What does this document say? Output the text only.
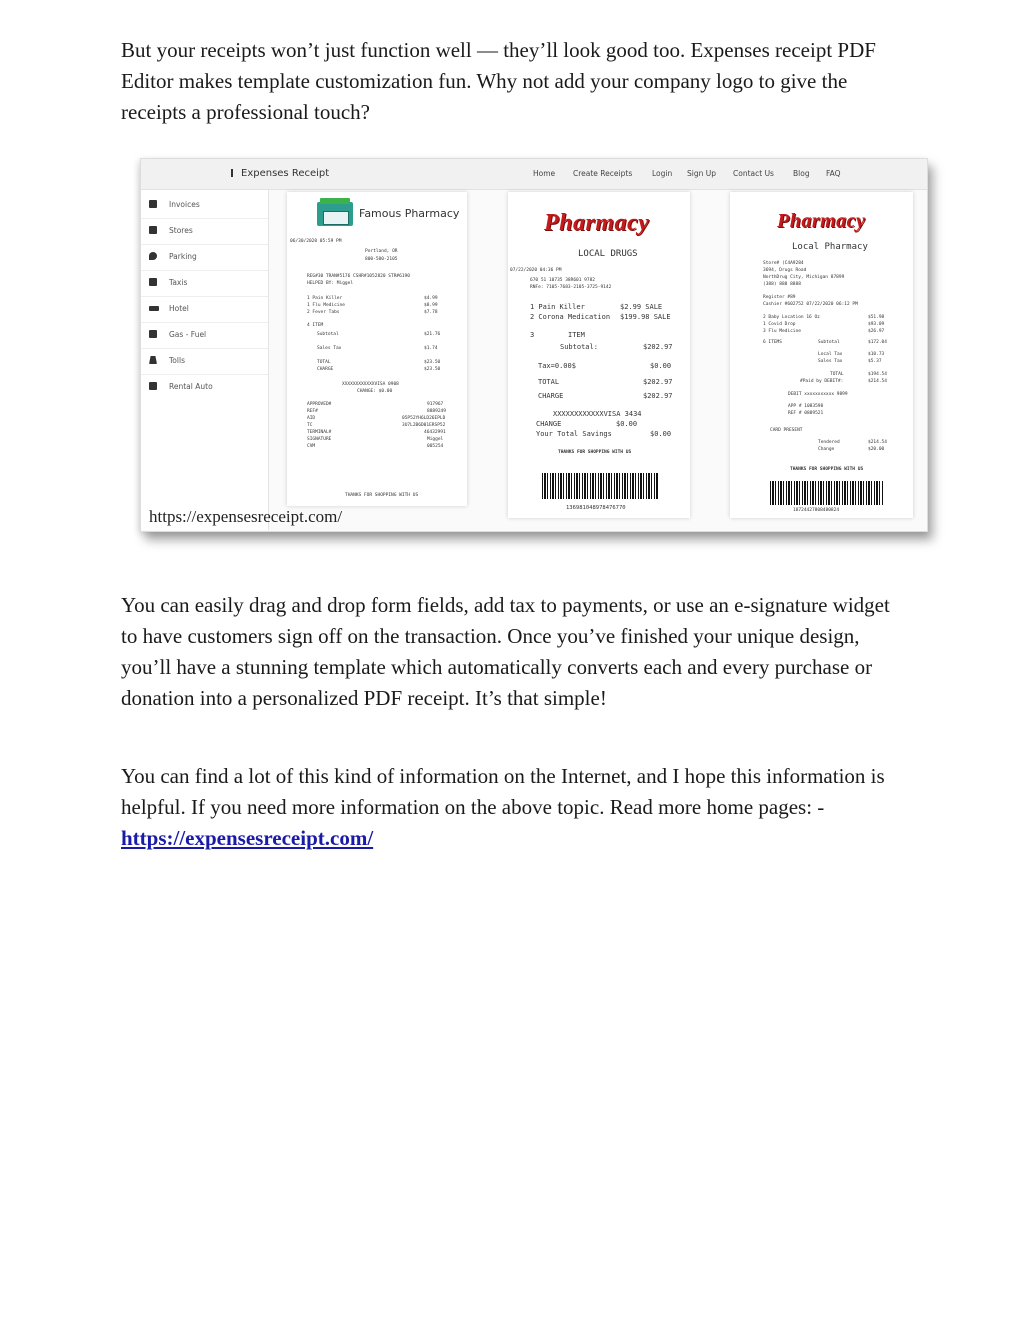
But your receipts won’t just function well — they’ll look good too. Expenses receipt PDF Editor makes template customization fun. Why not add your company logo to give the receipts a professional touch?

Expenses Receipt	Home Create Receipts	Login Sign Up Contact Us	Blog FAQ
Invoices
Stores
Parking
Taxis
Hotel
Gas - Fuel
Tolls
Rental Auto
Famous Pharmacy
06/30/2020 05:59 PM
Portland, OR
800-580-2105
REG#30 TRAN#5176 CSHR#1052820 STR#6190
HELPED BY: Miggel
1 Pain Killer	$4.99
1 Flu Medicine	$8.99
2 Fever Tabs	$7.78
4 ITEM
Subtotal	$21.76
Sales Tax	$1.74
TOTAL	$23.50
CHARGE	$23.50
XXXXXXXXXXXXVISA 0908
CHANGE: $0.00
APPROVED#	917967
REF#	8889249
AID	05P52YH6LD26EPLD
TC	3U7L2B6D01ERSP52
TERMINAL#	46432991
SIGNATURE	Miggel
CVM	005254
THANKS FOR SHOPPING WITH US
Pharmacy
LOCAL DRUGS
07/22/2020 04:36 PM
670 51 10735 38R601 9782
RNFe: 7105-7683-2105-3725-9142
1 Pain Killer	$2.99 SALE
2 Corona Medication $199.98 SALE
3	ITEM
Subtotal:	$202.97
Tax=0.00$	$0.00
TOTAL	$202.97
CHARGE	$202.97
XXXXXXXXXXXXVISA 3434
CHANGE	$0.00
Your Total Savings	$0.00
THANKS FOR SHOPPING WITH US
136981048978476770
Pharmacy
Local Pharmacy
Store# (C4A9284
3694, Drugs Road
NorthDrug City, Michigan 87899
(388) 888 8888
Register #89
Cashier #602752 07/22/2020 06:12 PM
2 Baby Location 16 Oz	$51.98
1 Covid Drop	$93.09
3 Flu Medicine	$26.97
6 ITEMS	Subtotal	$172.04
Local Tax	$10.73
Sales Tax	$5.37
TOTAL	$194.54
#Paid by DEBIT#:	$214.54
DEBIT xxxxxxxxxxx 9899
APP # 1083598
REF # 0889521
CARD PRESENT
Tendered	$214.54
Change	$20.00
THANKS FOR SHOPPING WITH US
18724427808480824
https://expensesreceipt.com/

You can easily drag and drop form fields, add tax to payments, or use an e-signature widget to have customers sign off on the transaction. Once you’ve finished your unique design, you’ll have a stunning template which automatically converts each and every purchase or donation into a personalized PDF receipt. It’s that simple!

You can find a lot of this kind of information on the Internet, and I hope this information is helpful. If you need more information on the above topic. Read more home pages: - https://expensesreceipt.com/
